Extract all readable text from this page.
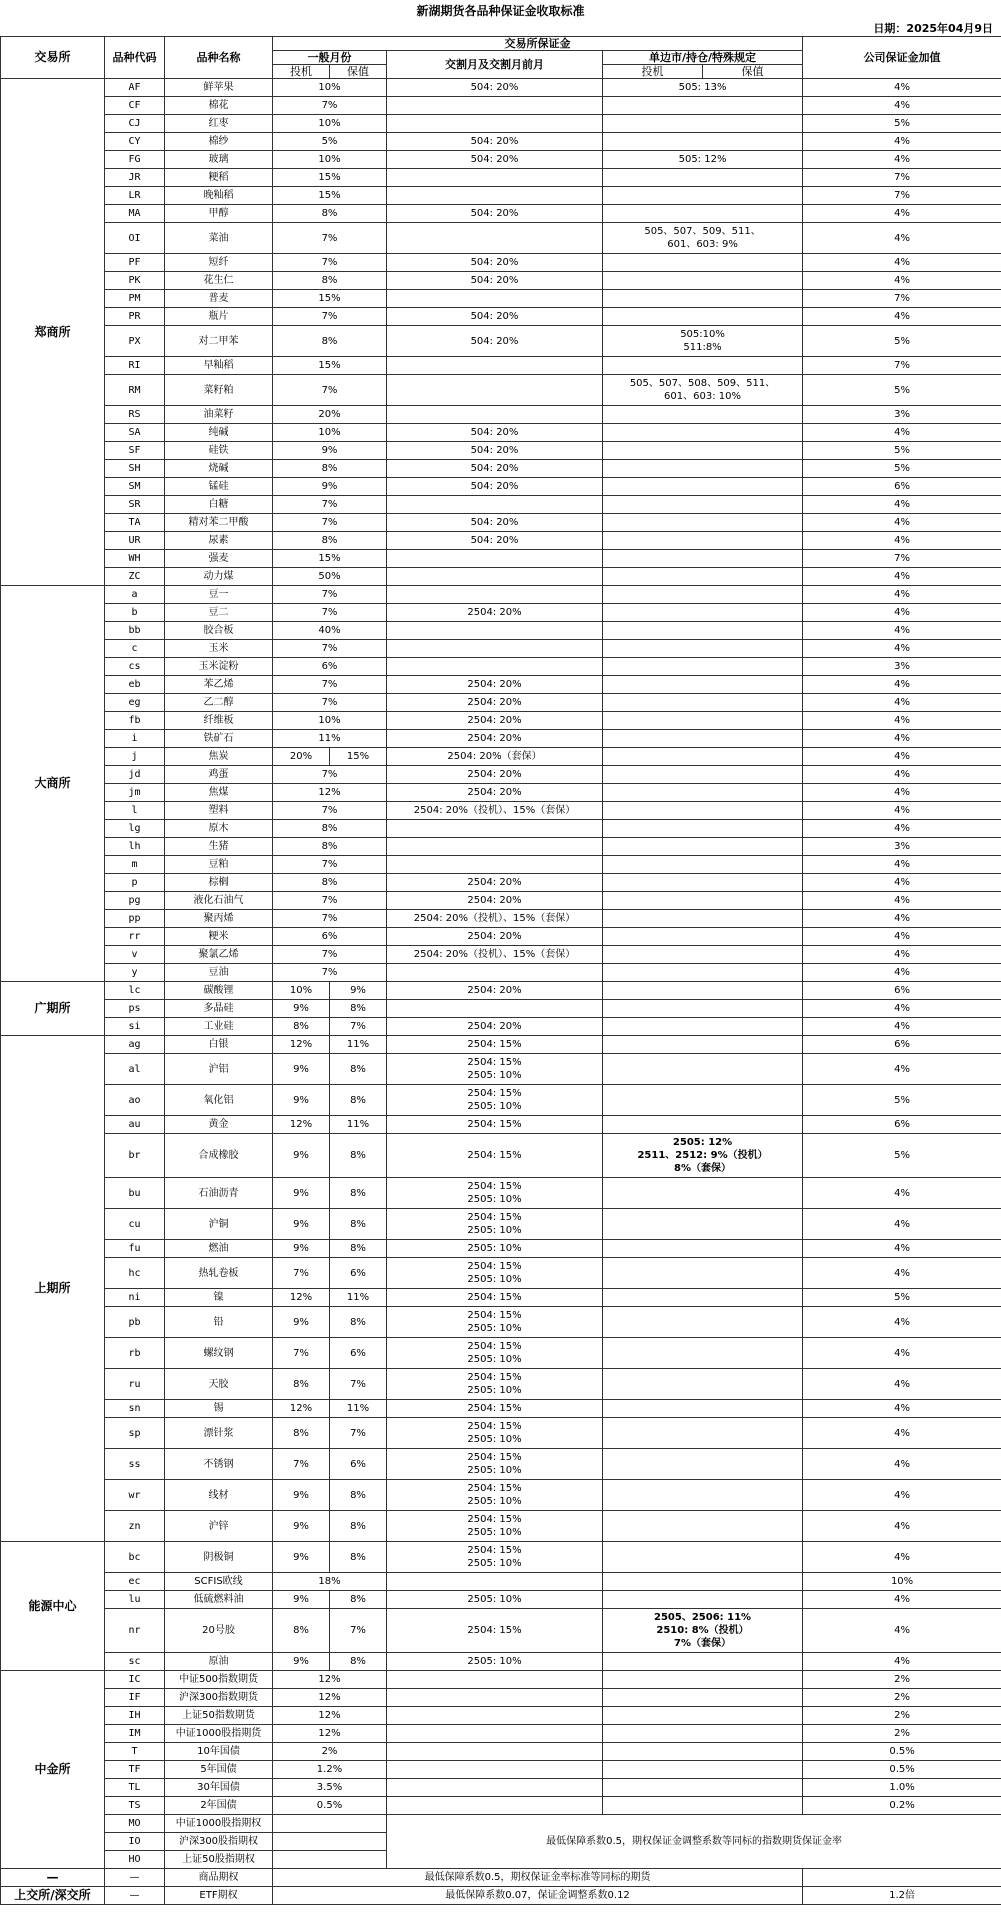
新湖期货各品种保证金收取标准
日期：2025年04月9日
交易所	品种代码	品种名称	交易所保证金					公司保证金加值
			一般月份		交割月及交割月前月	单边市/持仓/特殊规定		
			投机	保值		投机	保值	
郑商所	AF	鲜苹果	10%		504: 20%	505: 13%		4%
	CF	棉花	7%					4%
	CJ	红枣	10%					5%
	CY	棉纱	5%		504: 20%			4%
	FG	玻璃	10%		504: 20%	505: 12%		4%
	JR	粳稻	15%					7%
	LR	晚籼稻	15%					7%
	MA	甲醇	8%		504: 20%			4%
	OI	菜油	7%			505、507、509、511、
601、603: 9%		4%
	PF	短纤	7%		504: 20%			4%
	PK	花生仁	8%		504: 20%			4%
	PM	普麦	15%					7%
	PR	瓶片	7%		504: 20%			4%
	PX	对二甲苯	8%		504: 20%	505:10%
511:8%		5%
	RI	早籼稻	15%					7%
	RM	菜籽粕	7%			505、507、508、509、511、
601、603: 10%		5%
	RS	油菜籽	20%					3%
	SA	纯碱	10%		504: 20%			4%
	SF	硅铁	9%		504: 20%			5%
	SH	烧碱	8%		504: 20%			5%
	SM	锰硅	9%		504: 20%			6%
	SR	白糖	7%					4%
	TA	精对苯二甲酸	7%		504: 20%			4%
	UR	尿素	8%		504: 20%			4%
	WH	强麦	15%					7%
	ZC	动力煤	50%					4%
大商所	a	豆一	7%					4%
	b	豆二	7%		2504: 20%			4%
	bb	胶合板	40%					4%
	c	玉米	7%					4%
	cs	玉米淀粉	6%					3%
	eb	苯乙烯	7%		2504: 20%			4%
	eg	乙二醇	7%		2504: 20%			4%
	fb	纤维板	10%		2504: 20%			4%
	i	铁矿石	11%		2504: 20%			4%
	j	焦炭	20%	15%	2504: 20%（套保）			4%
	jd	鸡蛋	7%		2504: 20%			4%
	jm	焦煤	12%		2504: 20%			4%
	l	塑料	7%		2504: 20%（投机）、15%（套保）			4%
	lg	原木	8%					4%
	lh	生猪	8%					3%
	m	豆粕	7%					4%
	p	棕榈	8%		2504: 20%			4%
	pg	液化石油气	7%		2504: 20%			4%
	pp	聚丙烯	7%		2504: 20%（投机）、15%（套保）			4%
	rr	粳米	6%		2504: 20%			4%
	v	聚氯乙烯	7%		2504: 20%（投机）、15%（套保）			4%
	y	豆油	7%					4%
广期所	lc	碳酸锂	10%	9%	2504: 20%			6%
	ps	多晶硅	9%	8%				4%
	si	工业硅	8%	7%	2504: 20%			4%
上期所	ag	白银	12%	11%	2504: 15%			6%
	al	沪铝	9%	8%	2504: 15%
2505: 10%			4%
	ao	氧化铝	9%	8%	2504: 15%
2505: 10%			5%
	au	黄金	12%	11%	2504: 15%			6%
	br	合成橡胶	9%	8%	2504: 15%	2505: 12%
2511、2512: 9%（投机）
8%（套保）		5%
	bu	石油沥青	9%	8%	2504: 15%
2505: 10%			4%
	cu	沪铜	9%	8%	2504: 15%
2505: 10%			4%
	fu	燃油	9%	8%	2505: 10%			4%
	hc	热轧卷板	7%	6%	2504: 15%
2505: 10%			4%
	ni	镍	12%	11%	2504: 15%			5%
	pb	铅	9%	8%	2504: 15%
2505: 10%			4%
	rb	螺纹钢	7%	6%	2504: 15%
2505: 10%			4%
	ru	天胶	8%	7%	2504: 15%
2505: 10%			4%
	sn	锡	12%	11%	2504: 15%			4%
	sp	漂针浆	8%	7%	2504: 15%
2505: 10%			4%
	ss	不锈钢	7%	6%	2504: 15%
2505: 10%			4%
	wr	线材	9%	8%	2504: 15%
2505: 10%			4%
	zn	沪锌	9%	8%	2504: 15%
2505: 10%			4%
能源中心	bc	阴极铜	9%	8%	2504: 15%
2505: 10%			4%
	ec	SCFIS欧线	18%					10%
	lu	低硫燃料油	9%	8%	2505: 10%			4%
	nr	20号胶	8%	7%	2504: 15%	2505、2506: 11%
2510: 8%（投机）
7%（套保）		4%
	sc	原油	9%	8%	2505: 10%			4%
中金所	IC	中证500指数期货	12%					2%
	IF	沪深300指数期货	12%					2%
	IH	上证50指数期货	12%					2%
	IM	中证1000股指期货	12%					2%
	T	10年国债	2%					0.5%
	TF	5年国债	1.2%					0.5%
	TL	30年国债	3.5%					1.0%
	TS	2年国债	0.5%					0.2%
	MO	中证1000股指期权			最低保障系数0.5，期权保证金调整系数等同标的指数期货保证金率			
	IO	沪深300股指期权						
	HO	上证50股指期权						
—	—	商品期权	最低保障系数0.5，期权保证金率标准等同标的期货					
上交所/深交所	—	ETF期权	最低保障系数0.07，保证金调整系数0.12					1.2倍
